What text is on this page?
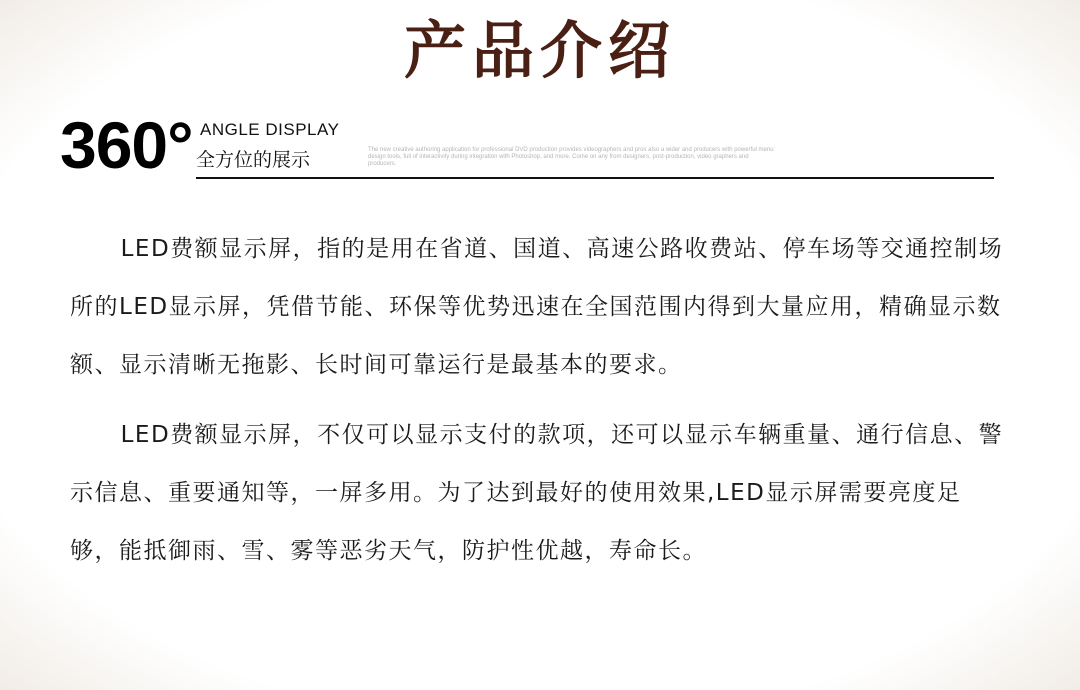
产品介绍
360° ANGLE DISPLAY
全方位的展示	The new creative authoring application for professional DVD production provides videographers and pros also a wider and producers with powerful menu design tools, full of interactivity during integration with Photoshop, and more. Come on any from designers, post-production, video graphers and producers.

LED费额显示屏，指的是用在省道、国道、高速公路收费站、停车场等交通控制场所的LED显示屏，凭借节能、环保等优势迅速在全国范围内得到大量应用，精确显示数额、显示清晰无拖影、长时间可靠运行是最基本的要求。

LED费额显示屏，不仅可以显示支付的款项，还可以显示车辆重量、通行信息、警示信息、重要通知等，一屏多用。为了达到最好的使用效果,LED显示屏需要亮度足够，能抵御雨、雪、雾等恶劣天气，防护性优越，寿命长。
